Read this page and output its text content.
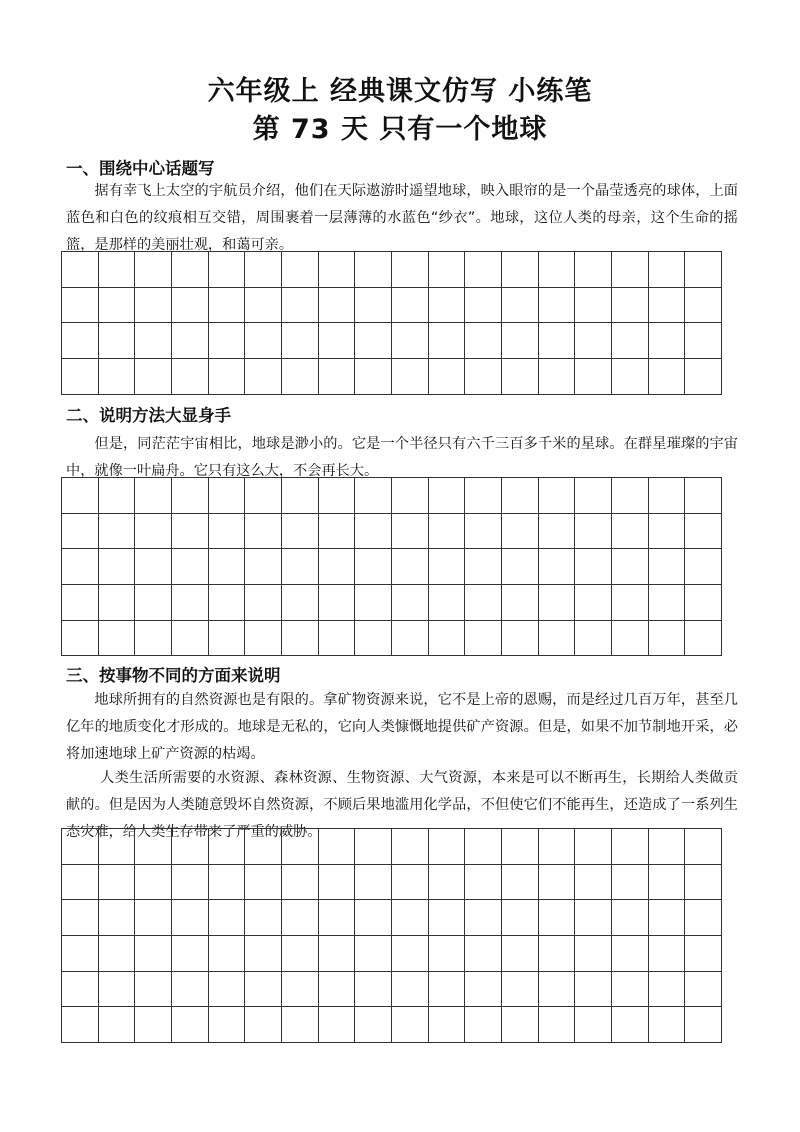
六年级上 经典课文仿写 小练笔
第 73 天 只有一个地球
一、围绕中心话题写

据有幸飞上太空的宇航员介绍，他们在天际遨游时遥望地球，映入眼帘的是一个晶莹透亮的球体，上面蓝色和白色的纹痕相互交错，周围裹着一层薄薄的水蓝色“纱衣”。地球，这位人类的母亲，这个生命的摇篮，是那样的美丽壮观，和蔼可亲。

二、说明方法大显身手

但是，同茫茫宇宙相比，地球是渺小的。它是一个半径只有六千三百多千米的星球。在群星璀璨的宇宙中，就像一叶扁舟。它只有这么大，不会再长大。

三、按事物不同的方面来说明

地球所拥有的自然资源也是有限的。拿矿物资源来说，它不是上帝的恩赐，而是经过几百万年，甚至几亿年的地质变化才形成的。地球是无私的，它向人类慷慨地提供矿产资源。但是，如果不加节制地开采，必将加速地球上矿产资源的枯竭。

人类生活所需要的水资源、森林资源、生物资源、大气资源，本来是可以不断再生，长期给人类做贡献的。但是因为人类随意毁坏自然资源，不顾后果地滥用化学品，不但使它们不能再生，还造成了一系列生态灾难，给人类生存带来了严重的威胁。
